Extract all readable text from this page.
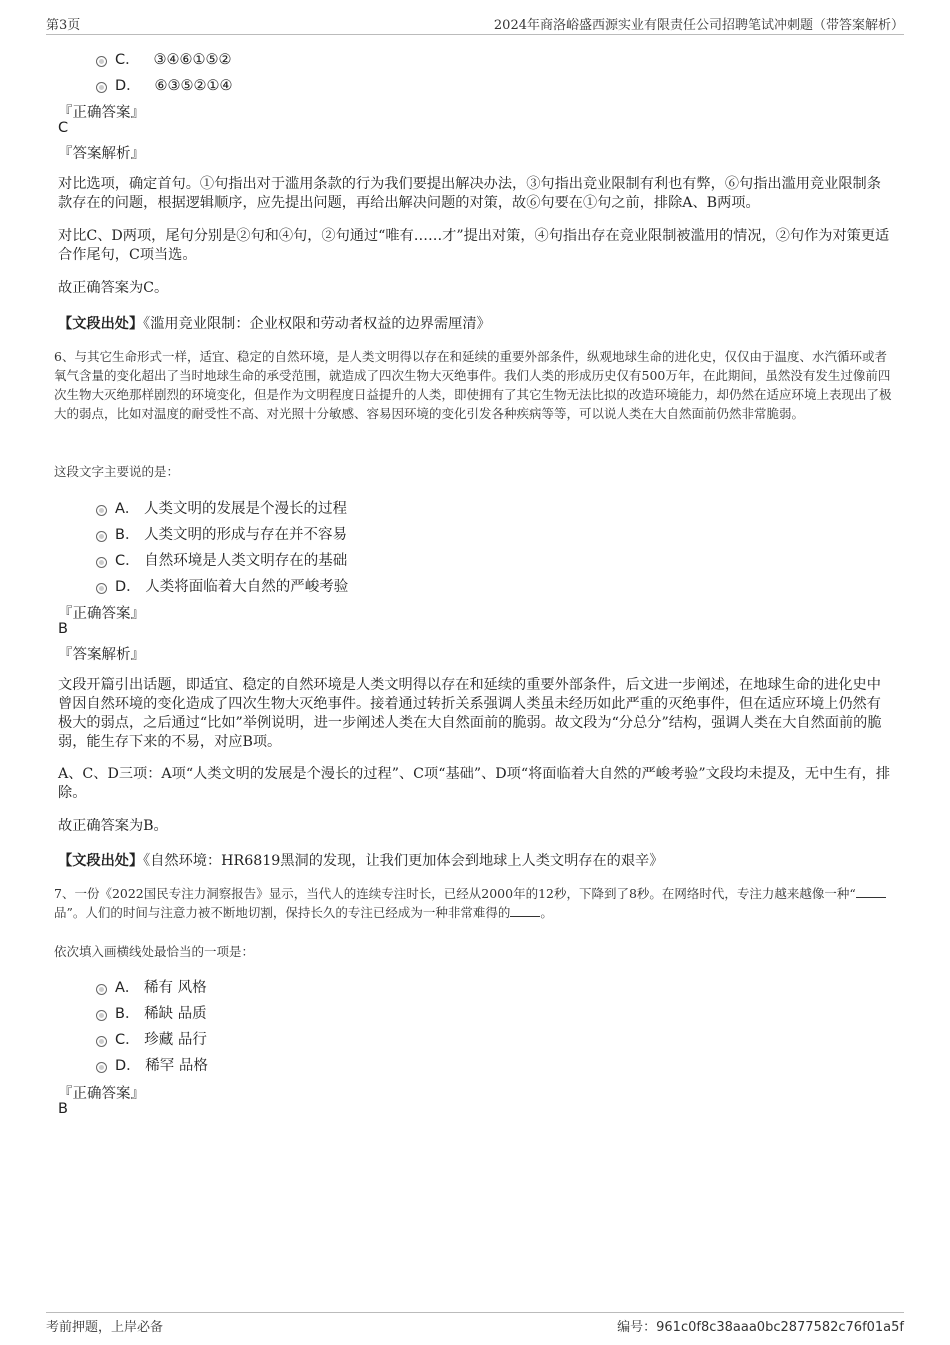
第3页	2024年商洛峪盛西源实业有限责任公司招聘笔试冲刺题（带答案解析）
C． ③④⑥①⑤②
D． ⑥③⑤②①④
『正确答案』
C
『答案解析』
对比选项，确定首句。①句指出对于滥用条款的行为我们要提出解决办法，③句指出竞业限制有利也有弊，⑥句指出滥用竞业限制条款存在的问题，根据逻辑顺序，应先提出问题，再给出解决问题的对策，故⑥句要在①句之前，排除A、B两项。
对比C、D两项，尾句分别是②句和④句，②句通过“唯有……才”提出对策，④句指出存在竞业限制被滥用的情况，②句作为对策更适合作尾句，C项当选。
故正确答案为C。
【文段出处】《滥用竞业限制：企业权限和劳动者权益的边界需厘清》
6、与其它生命形式一样，适宜、稳定的自然环境，是人类文明得以存在和延续的重要外部条件，纵观地球生命的进化史，仅仅由于温度、水汽循环或者氧气含量的变化超出了当时地球生命的承受范围，就造成了四次生物大灭绝事件。我们人类的形成历史仅有500万年，在此期间，虽然没有发生过像前四次生物大灭绝那样剧烈的环境变化，但是作为文明程度日益提升的人类，即使拥有了其它生物无法比拟的改造环境能力，却仍然在适应环境上表现出了极大的弱点，比如对温度的耐受性不高、对光照十分敏感、容易因环境的变化引发各种疾病等等，可以说人类在大自然面前仍然非常脆弱。
这段文字主要说的是：
A． 人类文明的发展是个漫长的过程
B． 人类文明的形成与存在并不容易
C． 自然环境是人类文明存在的基础
D． 人类将面临着大自然的严峻考验
『正确答案』
B
『答案解析』
文段开篇引出话题，即适宜、稳定的自然环境是人类文明得以存在和延续的重要外部条件，后文进一步阐述，在地球生命的进化史中曾因自然环境的变化造成了四次生物大灭绝事件。接着通过转折关系强调人类虽未经历如此严重的灭绝事件，但在适应环境上仍然有极大的弱点，之后通过“比如”举例说明，进一步阐述人类在大自然面前的脆弱。故文段为“分总分”结构，强调人类在大自然面前的脆弱，能生存下来的不易，对应B项。
A、C、D三项：A项“人类文明的发展是个漫长的过程”、C项“基础”、D项“将面临着大自然的严峻考验”文段均未提及，无中生有，排除。
故正确答案为B。
【文段出处】《自然环境：HR6819黑洞的发现，让我们更加体会到地球上人类文明存在的艰辛》
7、一份《2022国民专注力洞察报告》显示，当代人的连续专注时长，已经从2000年的12秒，下降到了8秒。在网络时代，专注力越来越像一种“品”。人们的时间与注意力被不断地切割，保持长久的专注已经成为一种非常难得的 。
依次填入画横线处最恰当的一项是：
A． 稀有 风格
B． 稀缺 品质
C． 珍藏 品行
D． 稀罕 品格
『正确答案』
B
考前押题，上岸必备	编号：961c0f8c38aaa0bc2877582c76f01a5f
